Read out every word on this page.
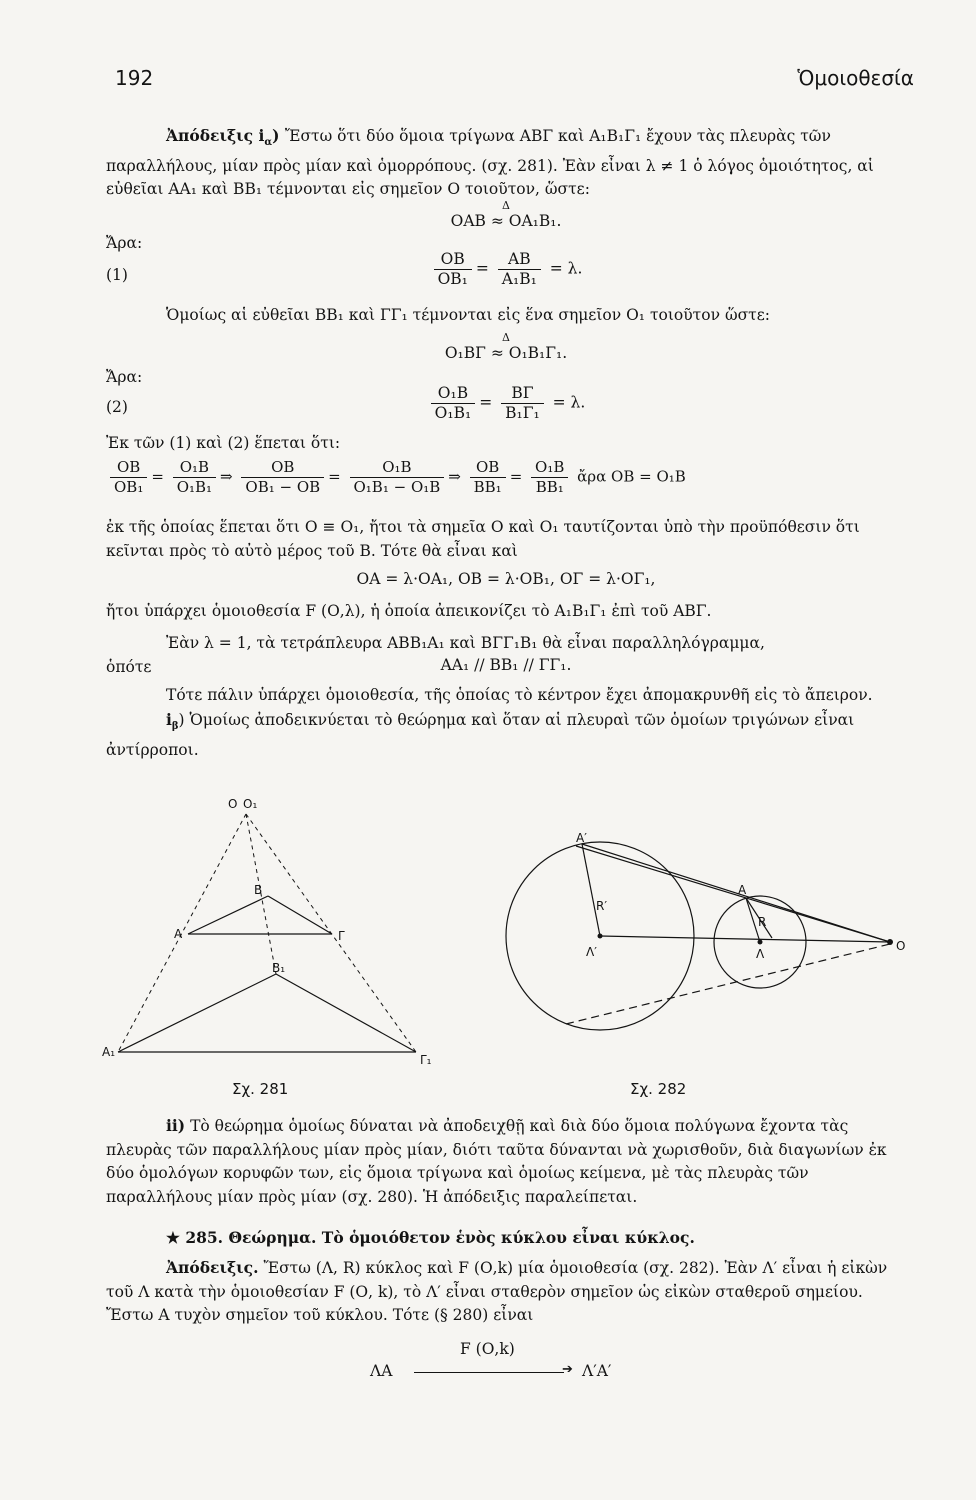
192	Ὁμοιοθεσία

Ἀπόδειξις $i_\alpha$) Ἔστω ὅτι δύο ὅμοια τρίγωνα ΑΒΓ καὶ Α₁Β₁Γ₁ ἔχουν τὰς πλευρὰς τῶν παραλλήλους, μίαν πρὸς μίαν καὶ ὁμορρόπους. (σχ. 281). Ἐὰν εἶναι λ ≠ 1 ὁ λόγος ὁμοιότητος, αἱ εὐθεῖαι ΑΑ₁ καὶ ΒΒ₁ τέμνονται εἰς σημεῖον Ο τοιοῦτον, ὥστε:

Δ ΟΑΒ ≈ ΟΑ₁Β₁.
Ἄρα:
(1)	$\frac{OB}{\text{ΟΒ₁}} = \frac{AB}{\text{Α₁Β₁}} = \lambda$.

Ὁμοίως αἱ εὐθεῖαι ΒΒ₁ καὶ ΓΓ₁ τέμνονται εἰς ἕνα σημεῖον Ο₁ τοιοῦτον ὥστε:

Δ Ο₁ΒΓ ≈ Ο₁Β₁Γ₁.
Ἄρα:
(2)	$\frac{\text{Ο₁Β}}{\text{Ο₁Β₁}} = \frac{B\Gamma}{\text{Β₁Γ₁}} = \lambda$.

Ἐκ τῶν (1) καὶ (2) ἕπεται ὅτι:

$\frac{OB}{\text{ΟΒ₁}} = \frac{\text{Ο₁Β}}{\text{Ο₁Β₁}}$ ⇒ $\frac{OB}{\text{ΟΒ₁ − ΟΒ}} = \frac{\text{Ο₁Β}}{\text{Ο₁Β₁ − Ο₁Β}}$ ⇒ $\frac{OB}{\text{ΒΒ₁}} = \frac{\text{Ο₁Β}}{\text{ΒΒ₁}}$ ἄρα ΟΒ = Ο₁Β

ἐκ τῆς ὁποίας ἕπεται ὅτι Ο ≡ Ο₁, ἤτοι τὰ σημεῖα Ο καὶ Ο₁ ταυτίζονται ὑπὸ τὴν προϋπόθεσιν ὅτι κεῖνται πρὸς τὸ αὐτὸ μέρος τοῦ Β. Τότε θὰ εἶναι καὶ

ΟΑ = λ·ΟΑ₁, ΟΒ = λ·ΟΒ₁, ΟΓ = λ·ΟΓ₁,

ἤτοι ὑπάρχει ὁμοιοθεσία F (Ο,λ), ἡ ὁποία ἀπεικονίζει τὸ Α₁Β₁Γ₁ ἐπὶ τοῦ ΑΒΓ.

Ἐὰν λ = 1, τὰ τετράπλευρα ΑΒΒ₁Α₁ καὶ ΒΓΓ₁Β₁ θὰ εἶναι παραλληλόγραμμα,

ὁπότε	ΑΑ₁ // ΒΒ₁ // ΓΓ₁.

Τότε πάλιν ὑπάρχει ὁμοιοθεσία, τῆς ὁποίας τὸ κέντρον ἔχει ἀπομακρυνθῆ εἰς τὸ ἄπειρον.

$i_\beta$) Ὁμοίως ἀποδεικνύεται τὸ θεώρημα καὶ ὅταν αἱ πλευραὶ τῶν ὁμοίων τριγώνων εἶναι ἀντίρροποι.

Ο Ο₁
Β
Α	Γ
Β₁
Α₁
Γ₁
Σχ. 281
Α′
R′
Λ′
Α
R
Λ
Ο
Σχ. 282

ii) Τὸ θεώρημα ὁμοίως δύναται νὰ ἀποδειχθῇ καὶ διὰ δύο ὅμοια πολύγωνα ἔχοντα τὰς πλευρὰς τῶν παραλλήλους μίαν πρὸς μίαν, διότι ταῦτα δύνανται νὰ χωρισθοῦν, διὰ διαγωνίων ἐκ δύο ὁμολόγων κορυφῶν των, εἰς ὅμοια τρίγωνα καὶ ὁμοίως κείμενα, μὲ τὰς πλευρὰς τῶν παραλλήλους μίαν πρὸς μίαν (σχ. 280). Ἡ ἀπόδειξις παραλείπεται.

★ 285. Θεώρημα. Τὸ ὁμοιόθετον ἑνὸς κύκλου εἶναι κύκλος.

Ἀπόδειξις. Ἔστω (Λ, R) κύκλος καὶ F (Ο,k) μία ὁμοιοθεσία (σχ. 282). Ἐὰν Λ′ εἶναι ἡ εἰκὼν τοῦ Λ κατὰ τὴν ὁμοιοθεσίαν F (Ο, k), τὸ Λ′ εἶναι σταθερὸν σημεῖον ὡς εἰκὼν σταθεροῦ σημείου. Ἔστω Α τυχὸν σημεῖον τοῦ κύκλου. Τότε (§ 280) εἶναι

F (Ο,k)
ΛΑ	➔ Λ′Α′
